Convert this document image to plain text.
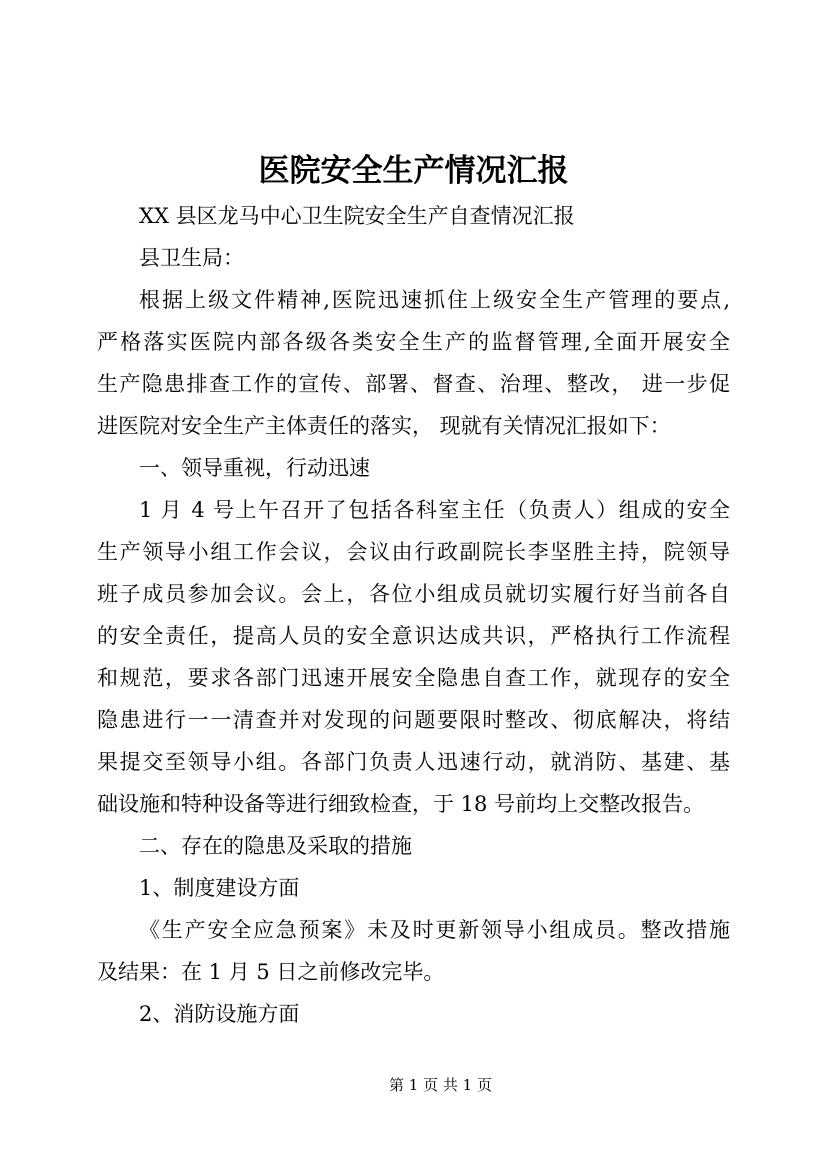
医院安全生产情况汇报
XX 县区龙马中心卫生院安全生产自查情况汇报
县卫生局：
根据上级文件精神,医院迅速抓住上级安全生产管理的要点,
严格落实医院内部各级各类安全生产的监督管理,全面开展安全
生产隐患排查工作的宣传、部署、督查、治理、整改， 进一步促
进医院对安全生产主体责任的落实， 现就有关情况汇报如下：
一、领导重视，行动迅速
1 月 4 号上午召开了包括各科室主任（负责人）组成的安全
生产领导小组工作会议，会议由行政副院长李坚胜主持，院领导
班子成员参加会议。会上，各位小组成员就切实履行好当前各自
的安全责任，提高人员的安全意识达成共识，严格执行工作流程
和规范，要求各部门迅速开展安全隐患自查工作，就现存的安全
隐患进行一一清查并对发现的问题要限时整改、彻底解决，将结
果提交至领导小组。各部门负责人迅速行动，就消防、基建、基
础设施和特种设备等进行细致检查，于 18 号前均上交整改报告。
二、存在的隐患及采取的措施
1、制度建设方面
《生产安全应急预案》未及时更新领导小组成员。整改措施
及结果：在 1 月 5 日之前修改完毕。
2、消防设施方面
第 1 页 共 1 页
